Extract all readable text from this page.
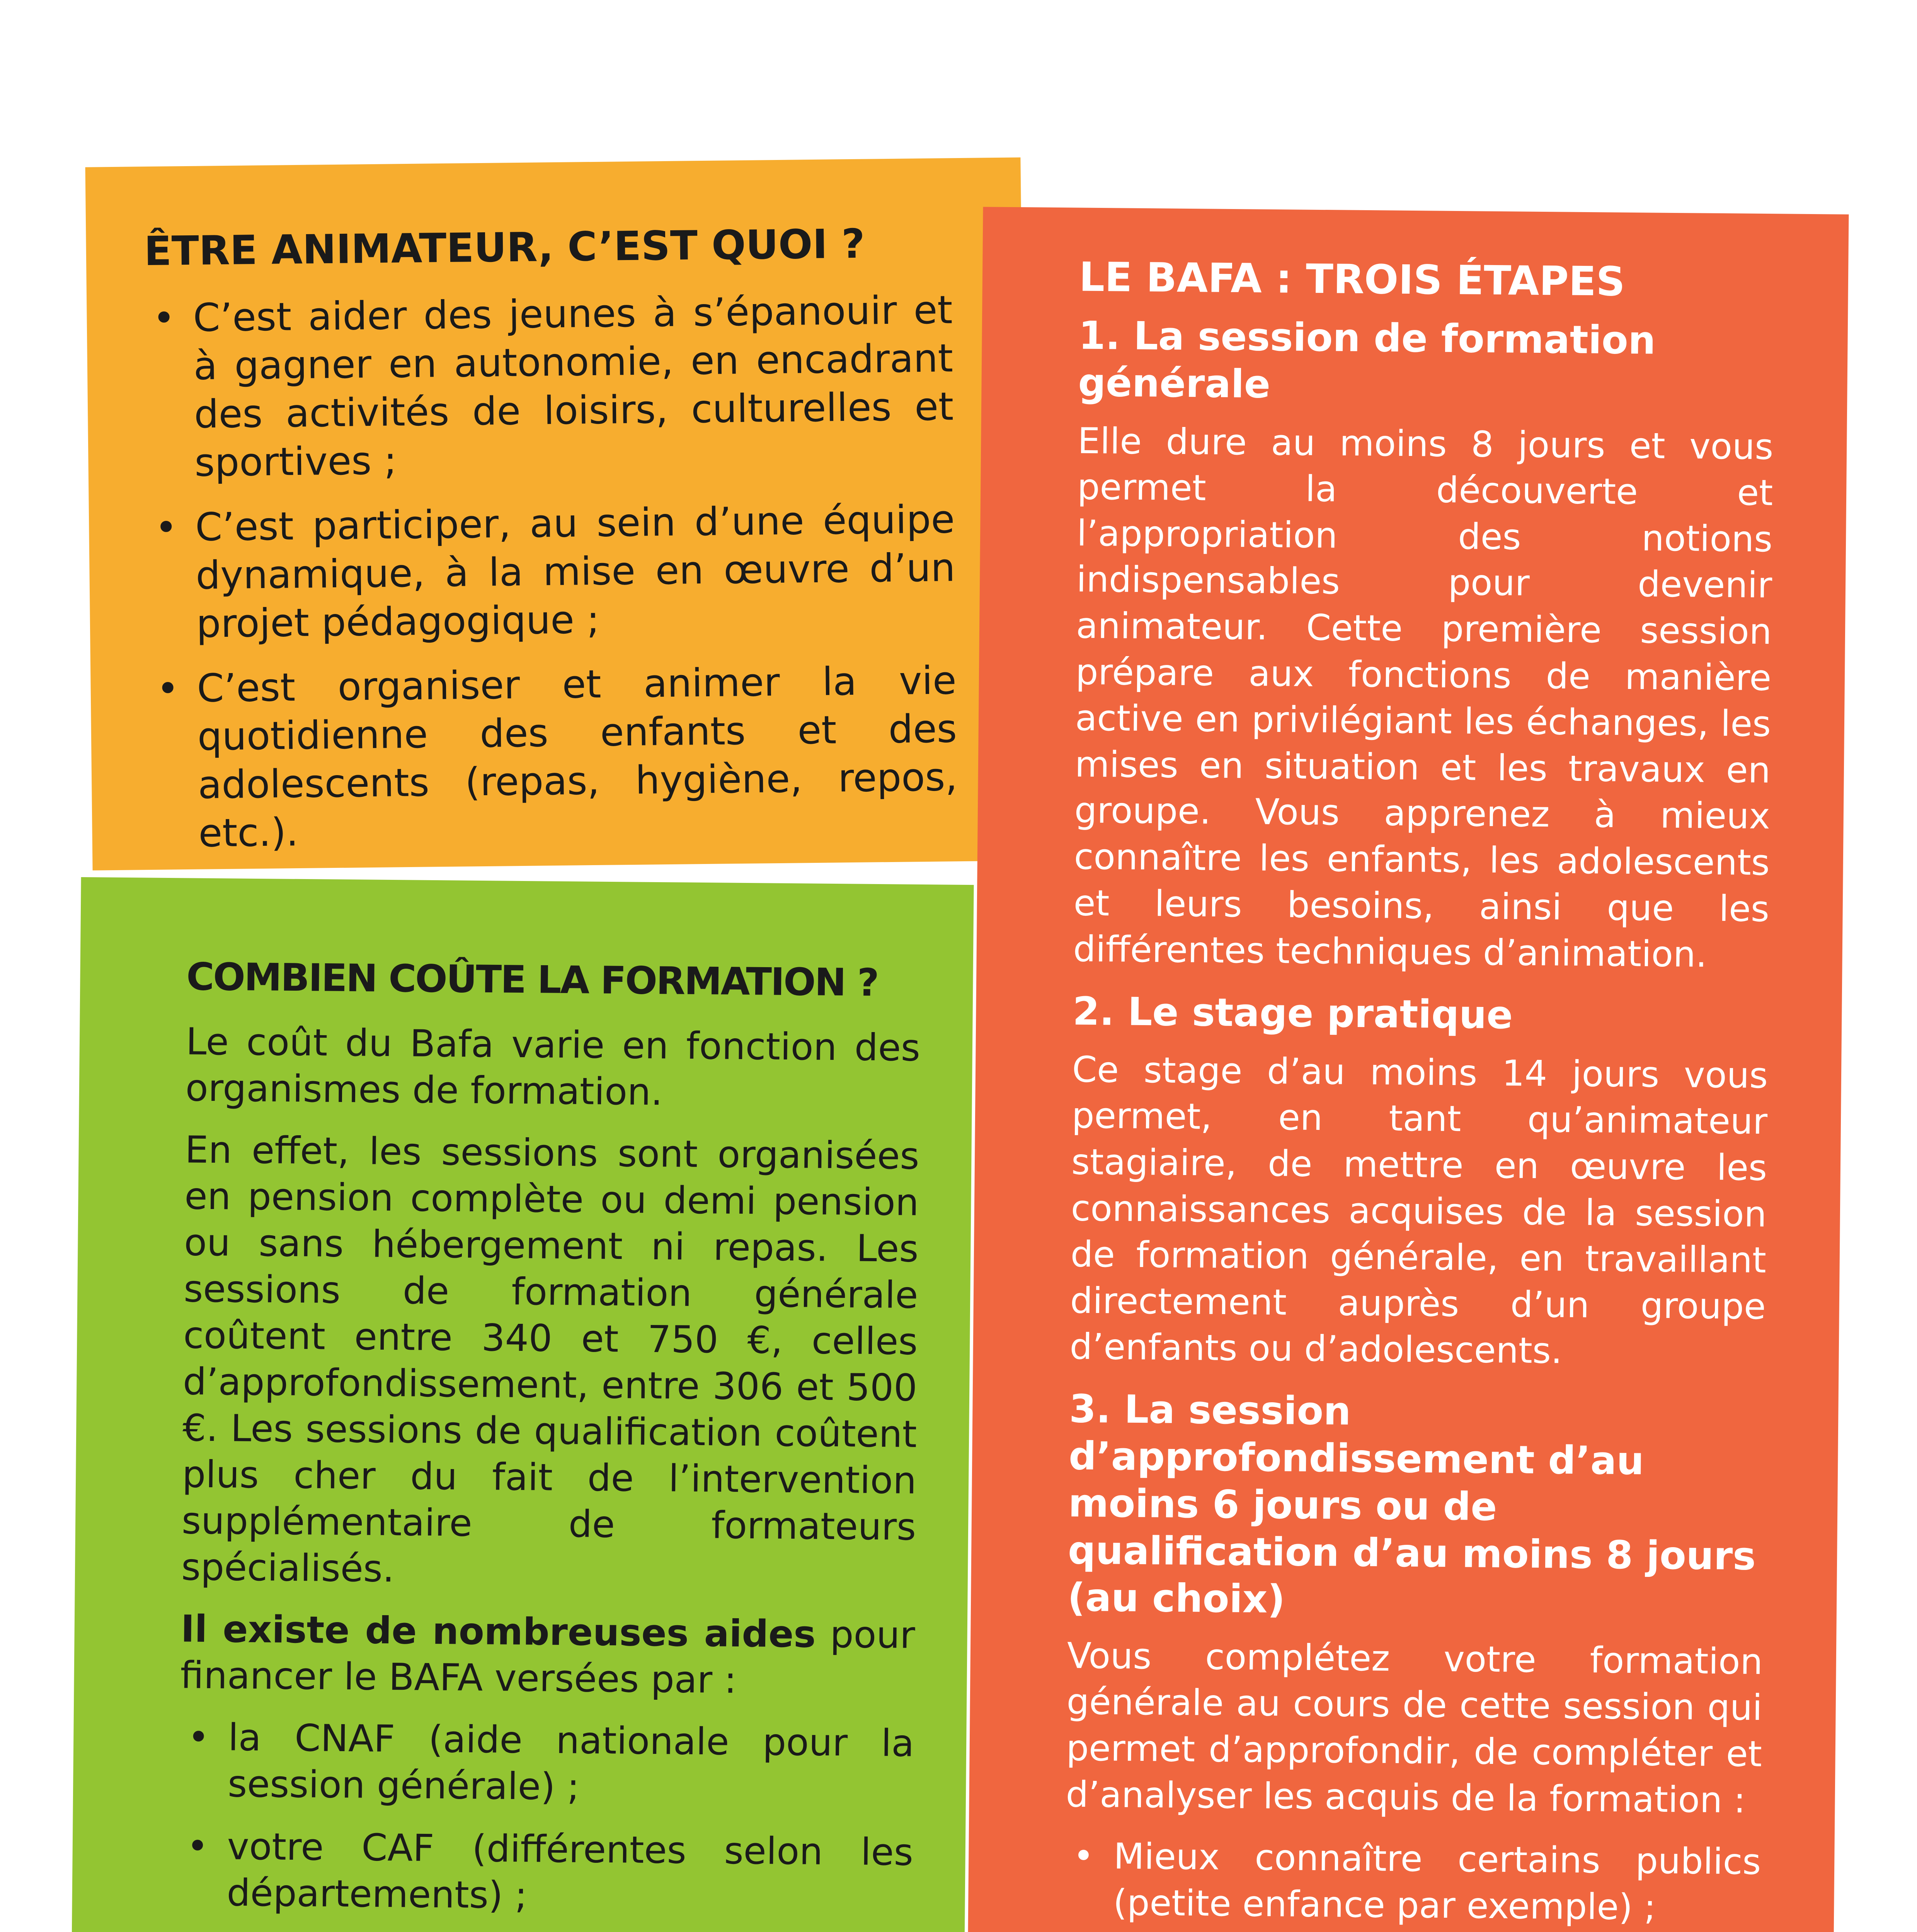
ÊTRE ANIMATEUR, C’EST QUOI ?
• C’est aider des jeunes à s’épanouir et à gagner en autonomie, en encadrant des activités de loisirs, culturelles et sportives ;
• C’est participer, au sein d’une équipe dynamique, à la mise en œuvre d’un projet pédagogique ;
• C’est organiser et animer la vie quotidienne des enfants et des adolescents (repas, hygiène, repos, etc.).
COMBIEN COÛTE LA FORMATION ?

Le coût du Bafa varie en fonction des organismes de formation.

En effet, les sessions sont organisées en pension complète ou demi pension ou sans hébergement ni repas. Les sessions de formation générale coûtent entre 340 et 750 €, celles d’approfondissement, entre 306 et 500 €. Les sessions de qualification coûtent plus cher du fait de l’intervention supplémentaire de formateurs spécialisés.

Il existe de nombreuses aides pour financer le BAFA versées par :

• la CNAF (aide nationale pour la session générale) ;
• votre CAF (différentes selon les départements) ;
•
LE BAFA : TROIS ÉTAPES
1. La session de formation générale

Elle dure au moins 8 jours et vous permet la découverte et l’appropriation des notions indispensables pour devenir animateur. Cette première session prépare aux fonctions de manière active en privilégiant les échanges, les mises en situation et les travaux en groupe. Vous apprenez à mieux connaître les enfants, les adolescents et leurs besoins, ainsi que les différentes techniques d’animation.

2. Le stage pratique

Ce stage d’au moins 14 jours vous permet, en tant qu’animateur stagiaire, de mettre en œuvre les connaissances acquises de la session de formation générale, en travaillant directement auprès d’un groupe d’enfants ou d’adolescents.

3. La session d’approfondissement d’au moins 6 jours ou de qualification d’au moins 8 jours (au choix)

Vous complétez votre formation générale au cours de cette session qui permet d’approfondir, de compléter et d’analyser les acquis de la formation :

• Mieux connaître certains publics (petite enfance par exemple) ;
